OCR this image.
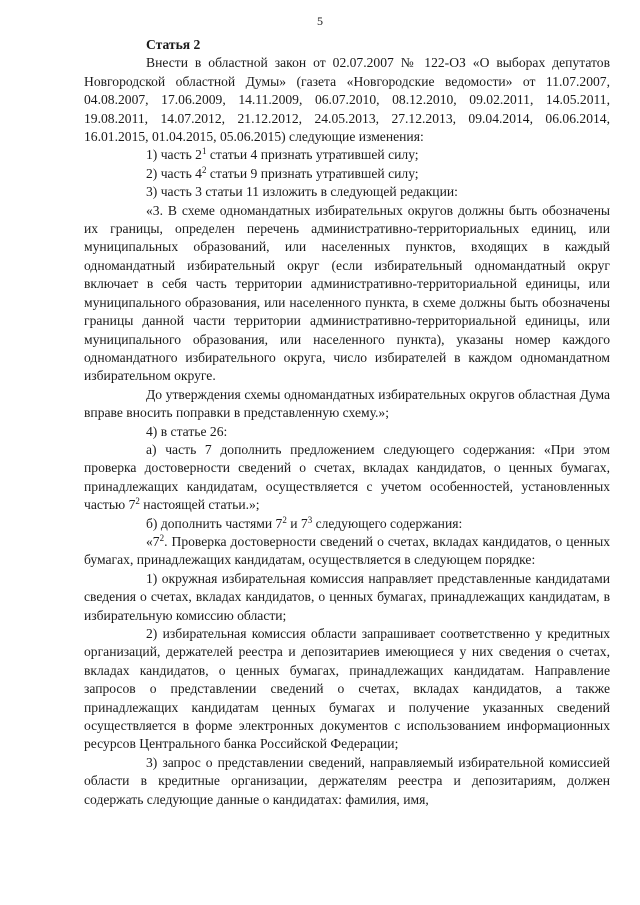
5

Статья 2

Внести в областной закон от 02.07.2007 № 122-ОЗ «О выборах депутатов Новгородской областной Думы» (газета «Новгородские ведомости» от 11.07.2007, 04.08.2007, 17.06.2009, 14.11.2009, 06.07.2010, 08.12.2010, 09.02.2011, 14.05.2011, 19.08.2011, 14.07.2012, 21.12.2012, 24.05.2013, 27.12.2013, 09.04.2014, 06.06.2014, 16.01.2015, 01.04.2015, 05.06.2015) следующие изменения:

1) часть $2^1$ статьи 4 признать утратившей силу;

2) часть $4^2$ статьи 9 признать утратившей силу;

3) часть 3 статьи 11 изложить в следующей редакции:

«3. В схеме одномандатных избирательных округов должны быть обозначены их границы, определен перечень административно-территориальных единиц, или муниципальных образований, или населенных пунктов, входящих в каждый одномандатный избирательный округ (если избирательный одномандатный округ включает в себя часть территории административно-территориальной единицы, или муниципального образования, или населенного пункта, в схеме должны быть обозначены границы данной части территории административно-территориальной единицы, или муниципального образования, или населенного пункта), указаны номер каждого одномандатного избирательного округа, число избирателей в каждом одномандатном избирательном округе.

До утверждения схемы одномандатных избирательных округов областная Дума вправе вносить поправки в представленную схему.»;

4) в статье 26:

а) часть 7 дополнить предложением следующего содержания: «При этом проверка достоверности сведений о счетах, вкладах кандидатов, о ценных бумагах, принадлежащих кандидатам, осуществляется с учетом особенностей, установленных частью $7^2$ настоящей статьи.»;

б) дополнить частями $7^2$ и $7^3$ следующего содержания:

«$7^2$. Проверка достоверности сведений о счетах, вкладах кандидатов, о ценных бумагах, принадлежащих кандидатам, осуществляется в следующем порядке:

1) окружная избирательная комиссия направляет представленные кандидатами сведения о счетах, вкладах кандидатов, о ценных бумагах, принадлежащих кандидатам, в избирательную комиссию области;

2) избирательная комиссия области запрашивает соответственно у кредитных организаций, держателей реестра и депозитариев имеющиеся у них сведения о счетах, вкладах кандидатов, о ценных бумагах, принадлежащих кандидатам. Направление запросов о представлении сведений о счетах, вкладах кандидатов, а также принадлежащих кандидатам ценных бумагах и получение указанных сведений осуществляется в форме электронных документов с использованием информационных ресурсов Центрального банка Российской Федерации;

3) запрос о представлении сведений, направляемый избирательной комиссией области в кредитные организации, держателям реестра и депозитариям, должен содержать следующие данные о кандидатах: фамилия, имя,
